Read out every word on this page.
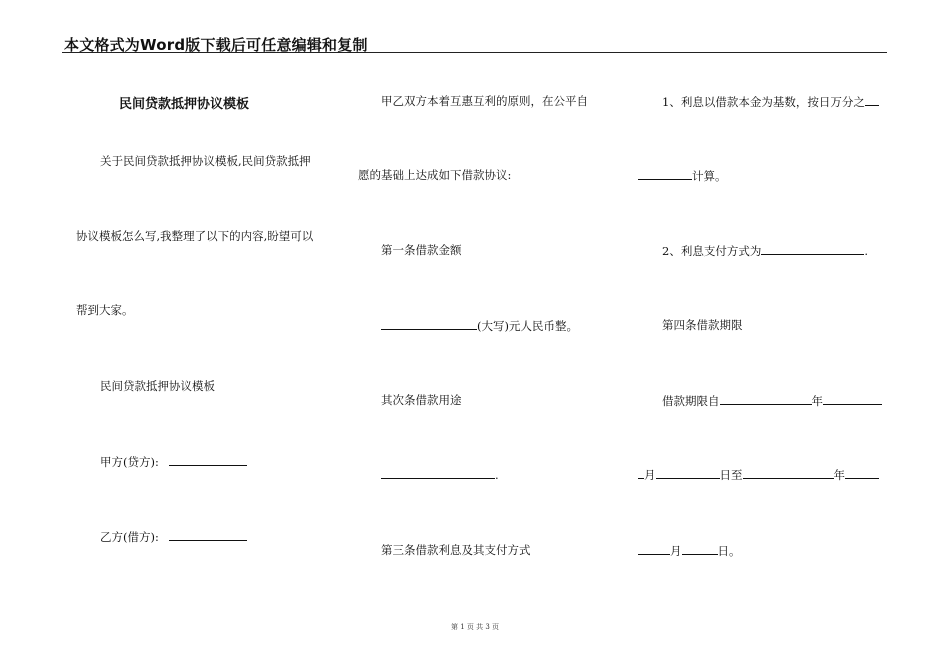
本文格式为Word版下载后可任意编辑和复制
民间贷款抵押协议模板
关于民间贷款抵押协议模板,民间贷款抵押
协议模板怎么写,我整理了以下的内容,盼望可以
帮到大家。
民间贷款抵押协议模板
甲方(贷方):
乙方(借方):
甲乙双方本着互惠互利的原则，在公平自
愿的基础上达成如下借款协议:
第一条借款金额
(大写)元人民币整。
其次条借款用途
.
第三条借款利息及其支付方式
1、利息以借款本金为基数，按日万分之
计算。
2、利息支付方式为	.
第四条借款期限
借款期限自	年
月	日至	年
月	日。
第 1 页 共 3 页
